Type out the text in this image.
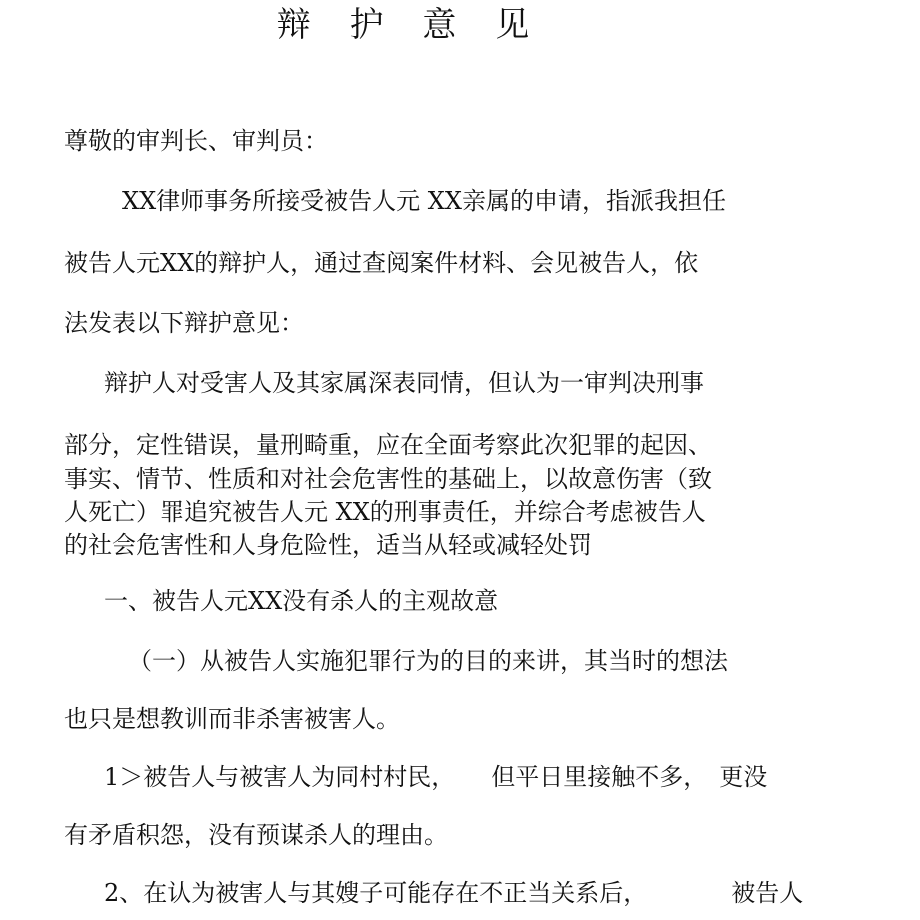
辩 护 意 见
尊敬的审判长、审判员：
XX律师事务所接受被告人元 XX亲属的申请，指派我担任
被告人元XX的辩护人，通过查阅案件材料、会见被告人，依
法发表以下辩护意见：
辩护人对受害人及其家属深表同情，但认为一审判决刑事
部分，定性错误，量刑畸重，应在全面考察此次犯罪的起因、
事实、情节、性质和对社会危害性的基础上，以故意伤害（致
人死亡）罪追究被告人元 XX的刑事责任，并综合考虑被告人
的社会危害性和人身危险性，适当从轻或减轻处罚
一、被告人元XX没有杀人的主观故意
（一）从被告人实施犯罪行为的目的来讲，其当时的想法
也只是想教训而非杀害被害人。
1＞被告人与被害人为同村村民，　　但平日里接触不多，　更没
有矛盾积怨，没有预谋杀人的理由。
2、在认为被害人与其嫂子可能存在不正当关系后，　　　　被告人
